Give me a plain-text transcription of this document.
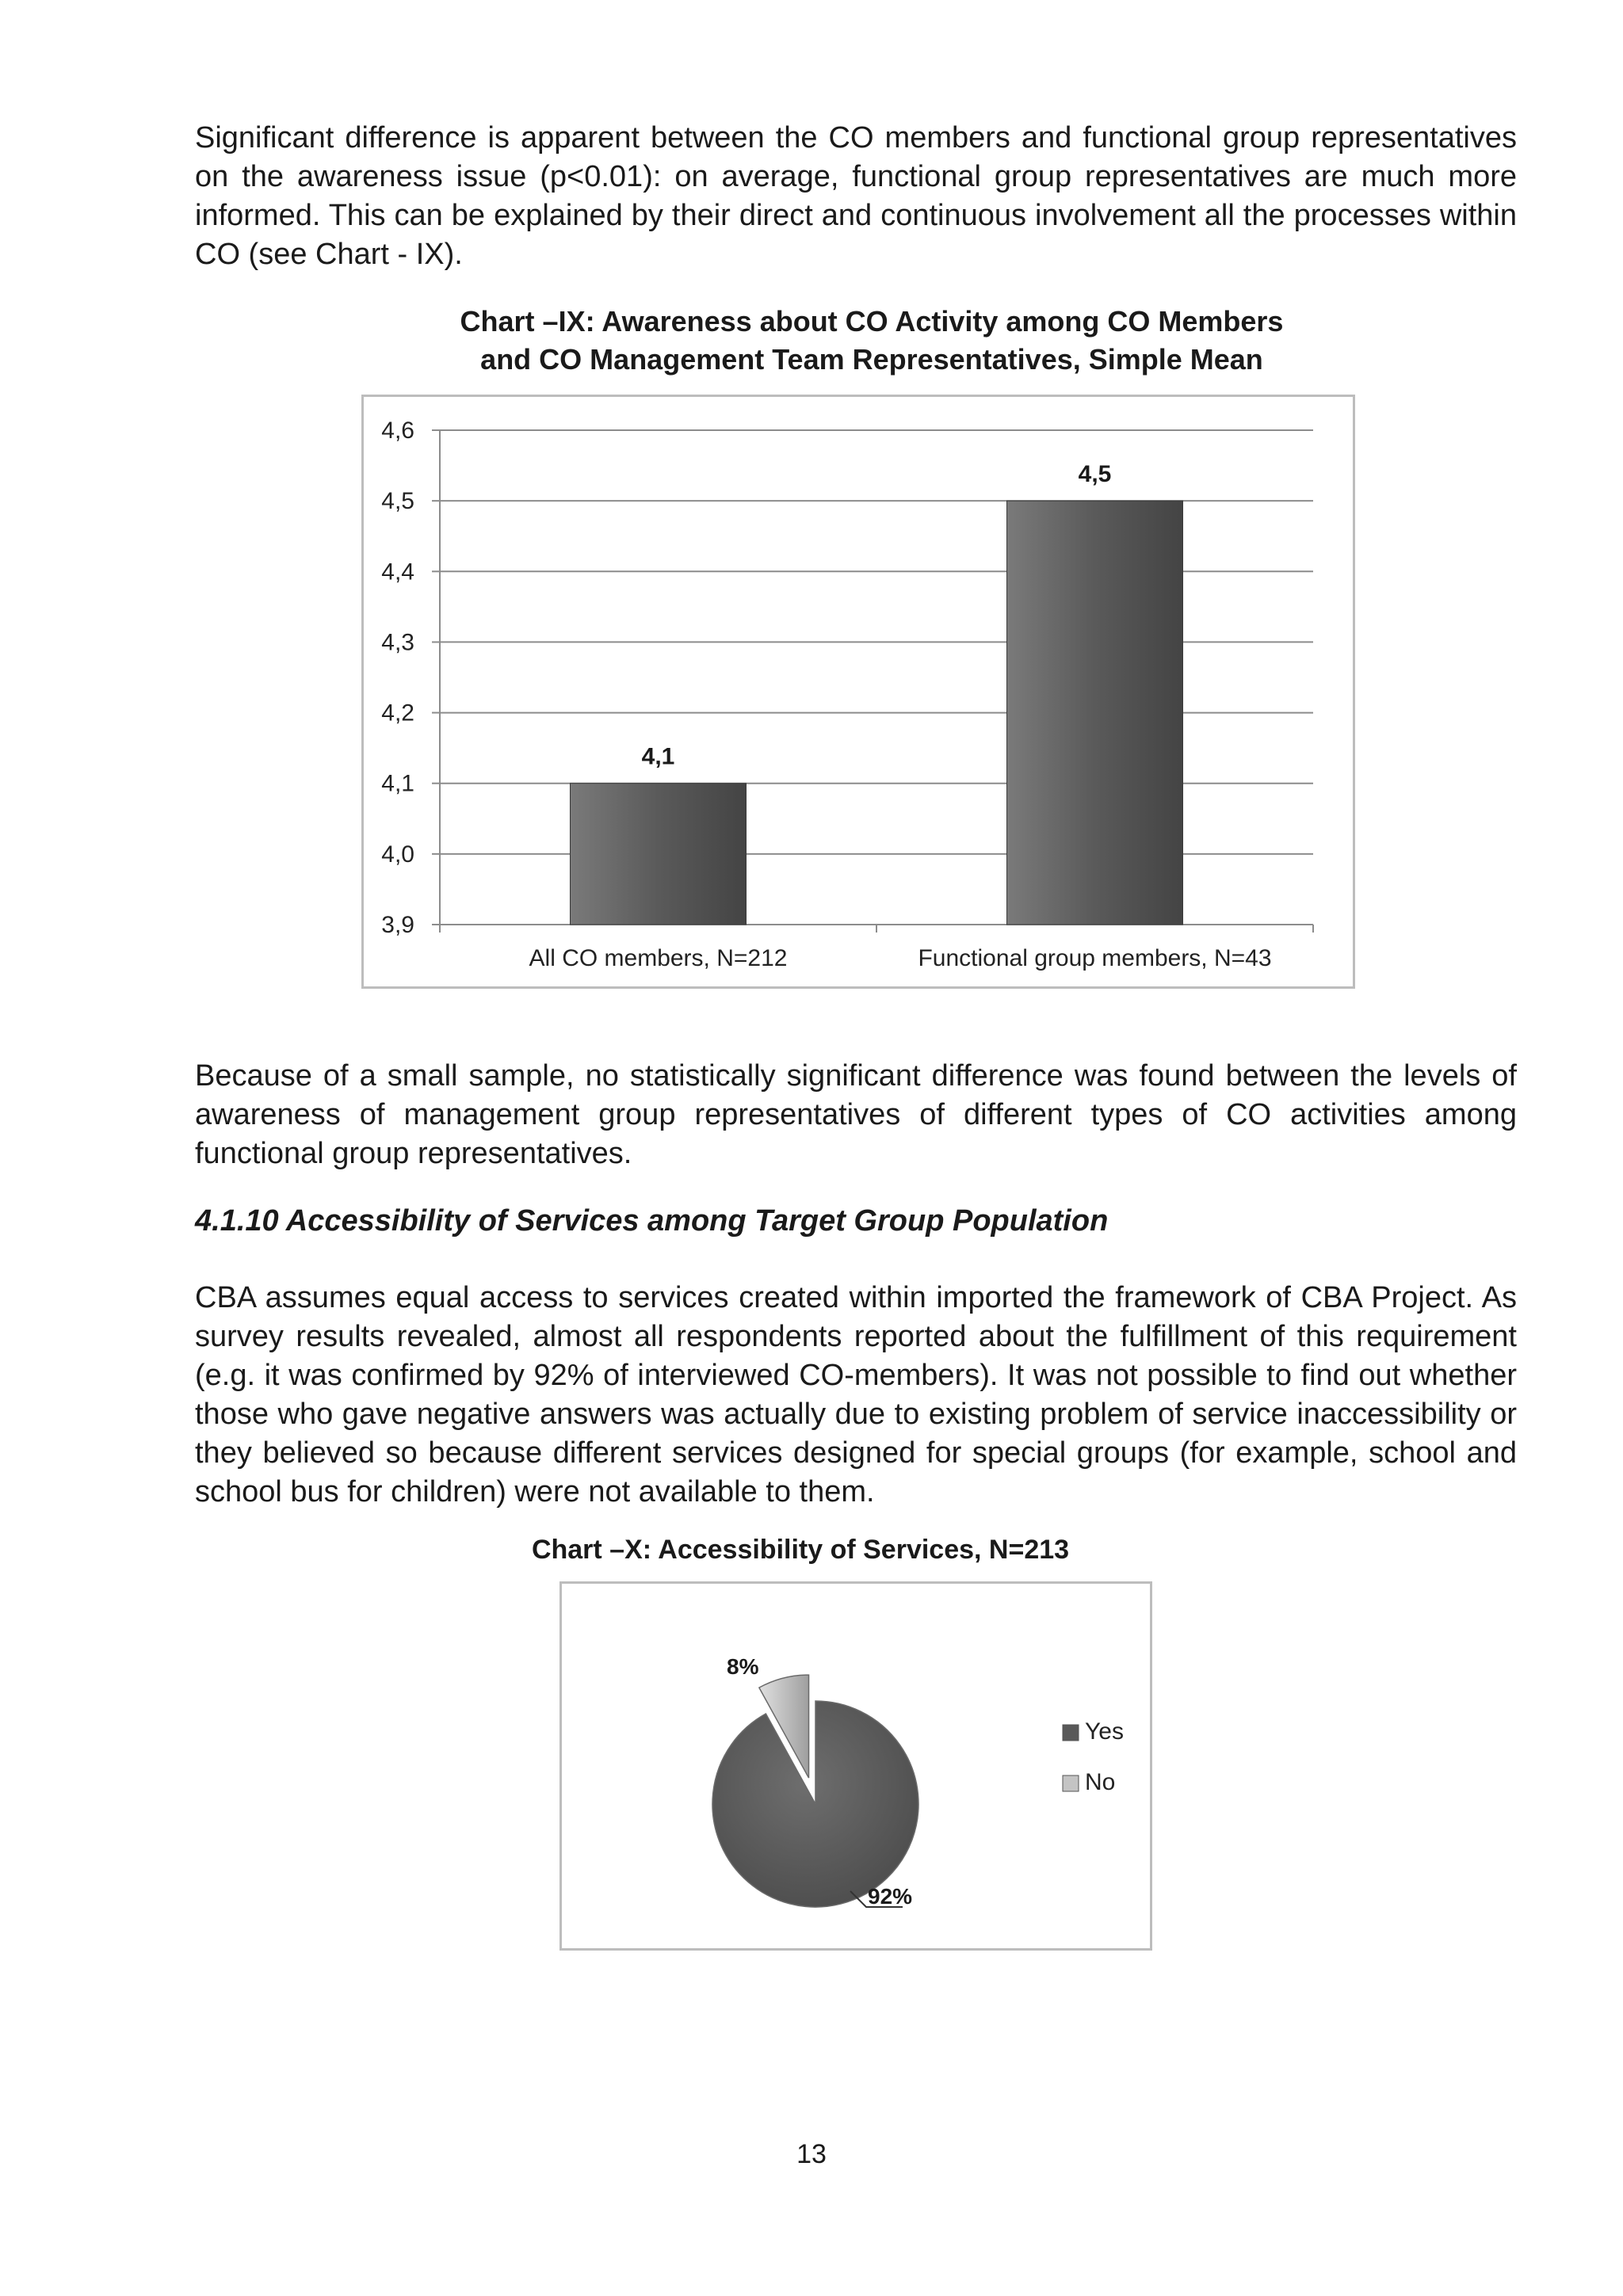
Significant difference is apparent between the CO members and functional group representatives on the awareness issue (p<0.01): on average, functional group representatives are much more informed. This can be explained by their direct and continuous involvement all the processes within CO (see Chart - IX).

Chart –IX: Awareness about CO Activity among CO Members
and CO Management Team Representatives, Simple Mean
3,9
4,0
4,1
4,2
4,3
4,4
4,5
4,6
4,1
All CO members, N=212
4,5
Functional group members, N=43

Because of a small sample, no statistically significant difference was found between the levels of awareness of management group representatives of different types of CO activities among functional group representatives.

4.1.10 Accessibility of Services among Target Group Population

CBA assumes equal access to services created within imported the framework of CBA Project. As survey results revealed, almost all respondents reported about the fulfillment of this requirement (e.g. it was confirmed by 92% of interviewed CO-members). It was not possible to find out whether those who gave negative answers was actually due to existing problem of service inaccessibility or they believed so because different services designed for special groups (for example, school and school bus for children) were not available to them.

Chart –X: Accessibility of Services, N=213
8%
92%
Yes
No
13
